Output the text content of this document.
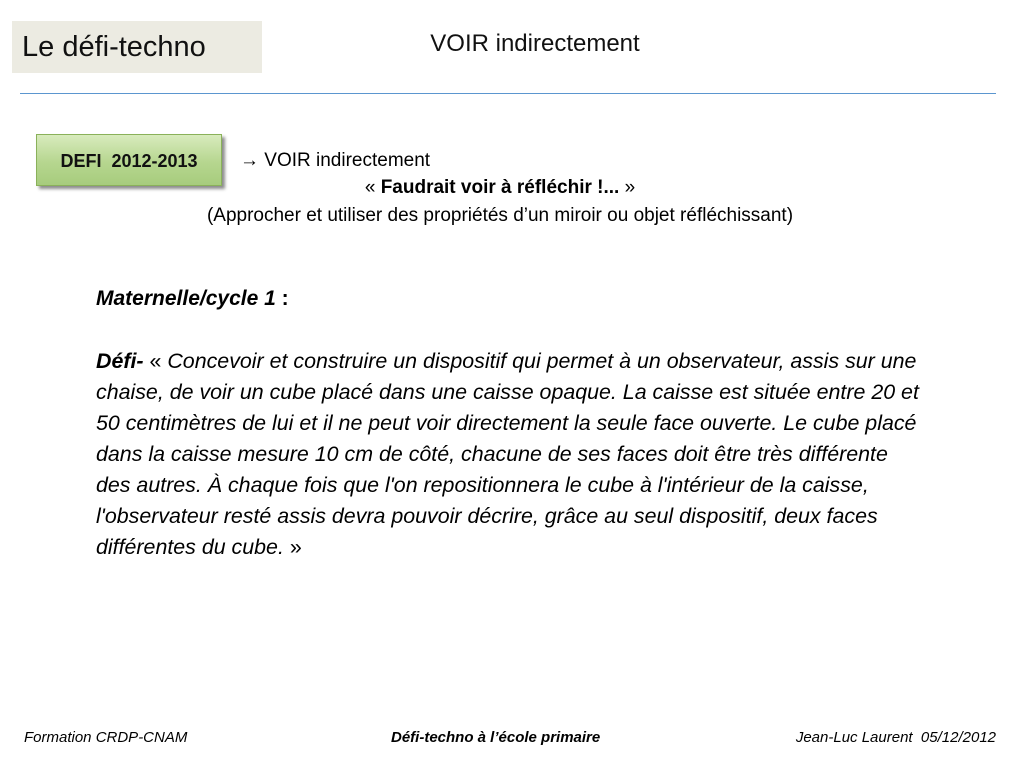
Le défi-techno	VOIR indirectement
DEFI  2012-2013	→ VOIR indirectement
« Faudrait voir à réfléchir !... »
(Approcher et utiliser des propriétés d’un miroir ou objet réfléchissant)
Maternelle/cycle 1 :
Défi- « Concevoir et construire un dispositif qui permet à un observateur, assis sur une chaise, de voir un cube placé dans une caisse opaque. La caisse est située entre 20 et 50 centimètres de lui et il ne peut voir directement la seule face ouverte. Le cube placé dans la caisse mesure 10 cm de côté, chacune de ses faces doit être très différente des autres. À chaque fois que l'on repositionnera le cube à l'intérieur de la caisse, l'observateur resté assis devra pouvoir décrire, grâce au seul dispositif, deux faces différentes du cube. »
Formation CRDP-CNAM	Défi-techno à l’école primaire	Jean-Luc Laurent  05/12/2012
